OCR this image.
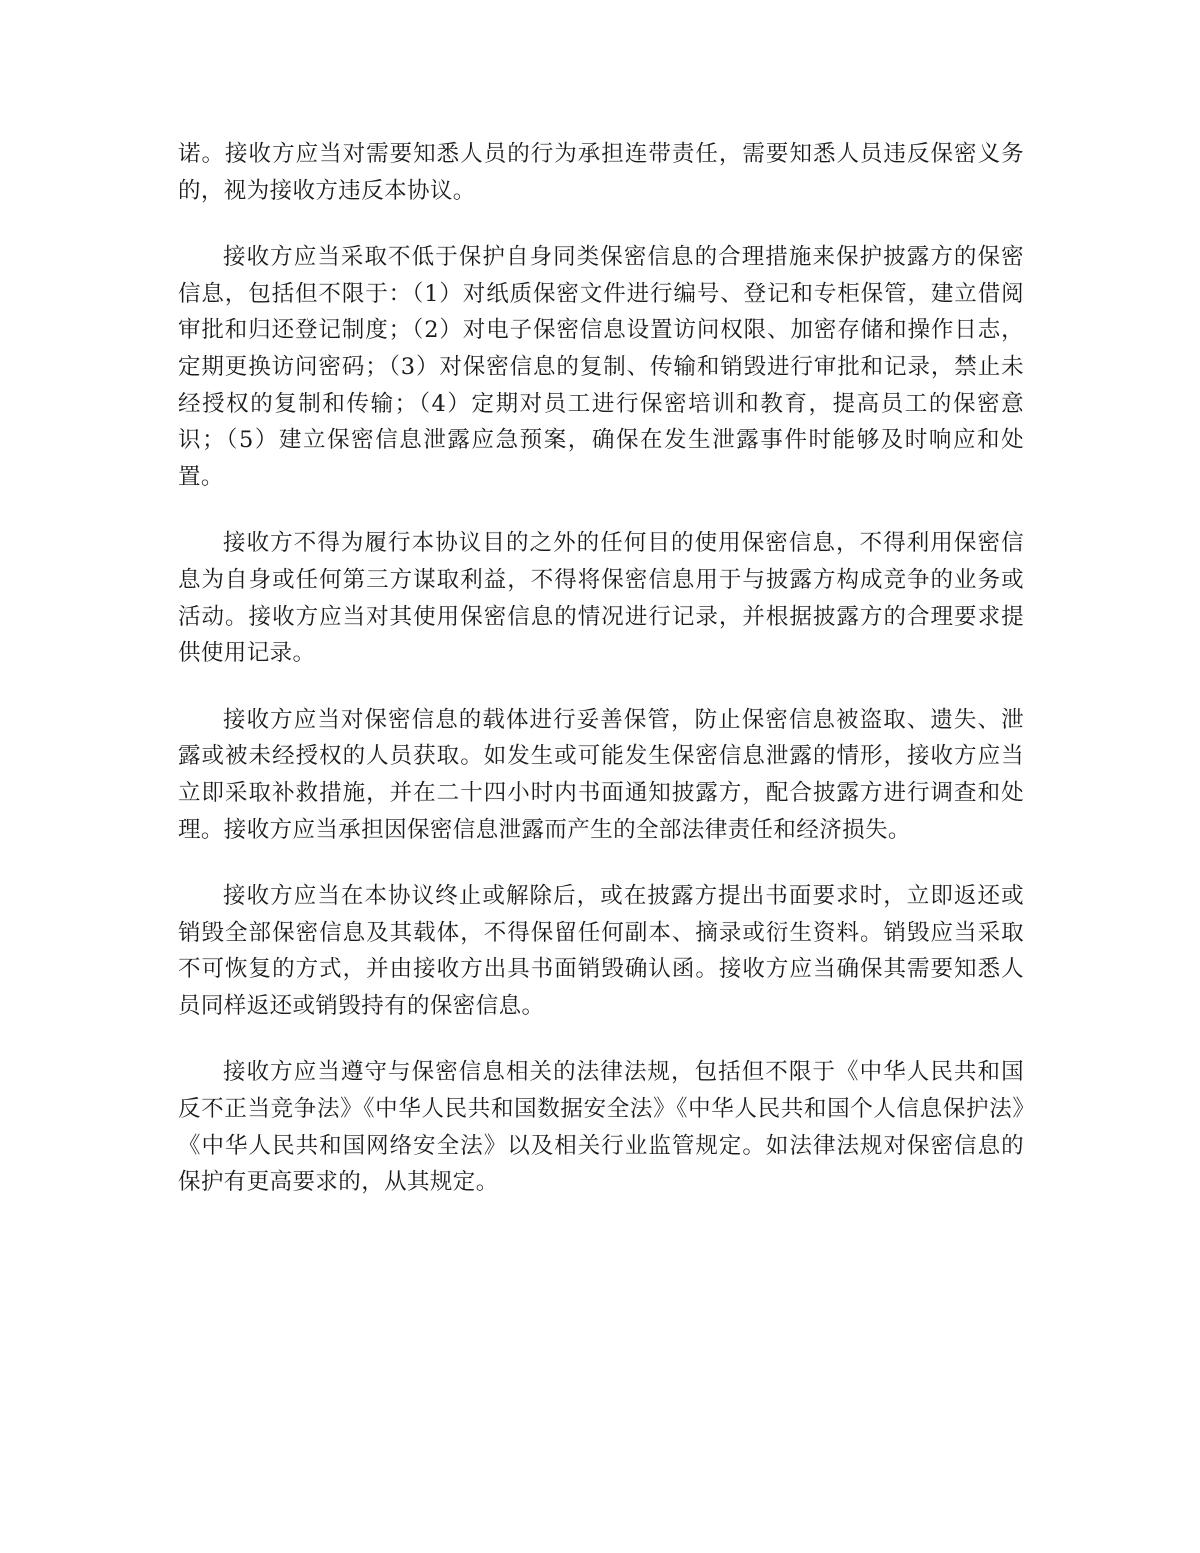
诺。接收方应当对需要知悉人员的行为承担连带责任，需要知悉人员违反保密义务的，视为接收方违反本协议。

接收方应当采取不低于保护自身同类保密信息的合理措施来保护披露方的保密信息，包括但不限于：（1）对纸质保密文件进行编号、登记和专柜保管，建立借阅审批和归还登记制度；（2）对电子保密信息设置访问权限、加密存储和操作日志，定期更换访问密码；（3）对保密信息的复制、传输和销毁进行审批和记录，禁止未经授权的复制和传输；（4）定期对员工进行保密培训和教育，提高员工的保密意识；（5）建立保密信息泄露应急预案，确保在发生泄露事件时能够及时响应和处置。

接收方不得为履行本协议目的之外的任何目的使用保密信息，不得利用保密信息为自身或任何第三方谋取利益，不得将保密信息用于与披露方构成竞争的业务或活动。接收方应当对其使用保密信息的情况进行记录，并根据披露方的合理要求提供使用记录。

接收方应当对保密信息的载体进行妥善保管，防止保密信息被盗取、遗失、泄露或被未经授权的人员获取。如发生或可能发生保密信息泄露的情形，接收方应当立即采取补救措施，并在二十四小时内书面通知披露方，配合披露方进行调查和处理。接收方应当承担因保密信息泄露而产生的全部法律责任和经济损失。

接收方应当在本协议终止或解除后，或在披露方提出书面要求时，立即返还或销毁全部保密信息及其载体，不得保留任何副本、摘录或衍生资料。销毁应当采取不可恢复的方式，并由接收方出具书面销毁确认函。接收方应当确保其需要知悉人员同样返还或销毁持有的保密信息。

接收方应当遵守与保密信息相关的法律法规，包括但不限于《中华人民共和国反不正当竞争法》《中华人民共和国数据安全法》《中华人民共和国个人信息保护法》《中华人民共和国网络安全法》以及相关行业监管规定。如法律法规对保密信息的保护有更高要求的，从其规定。
